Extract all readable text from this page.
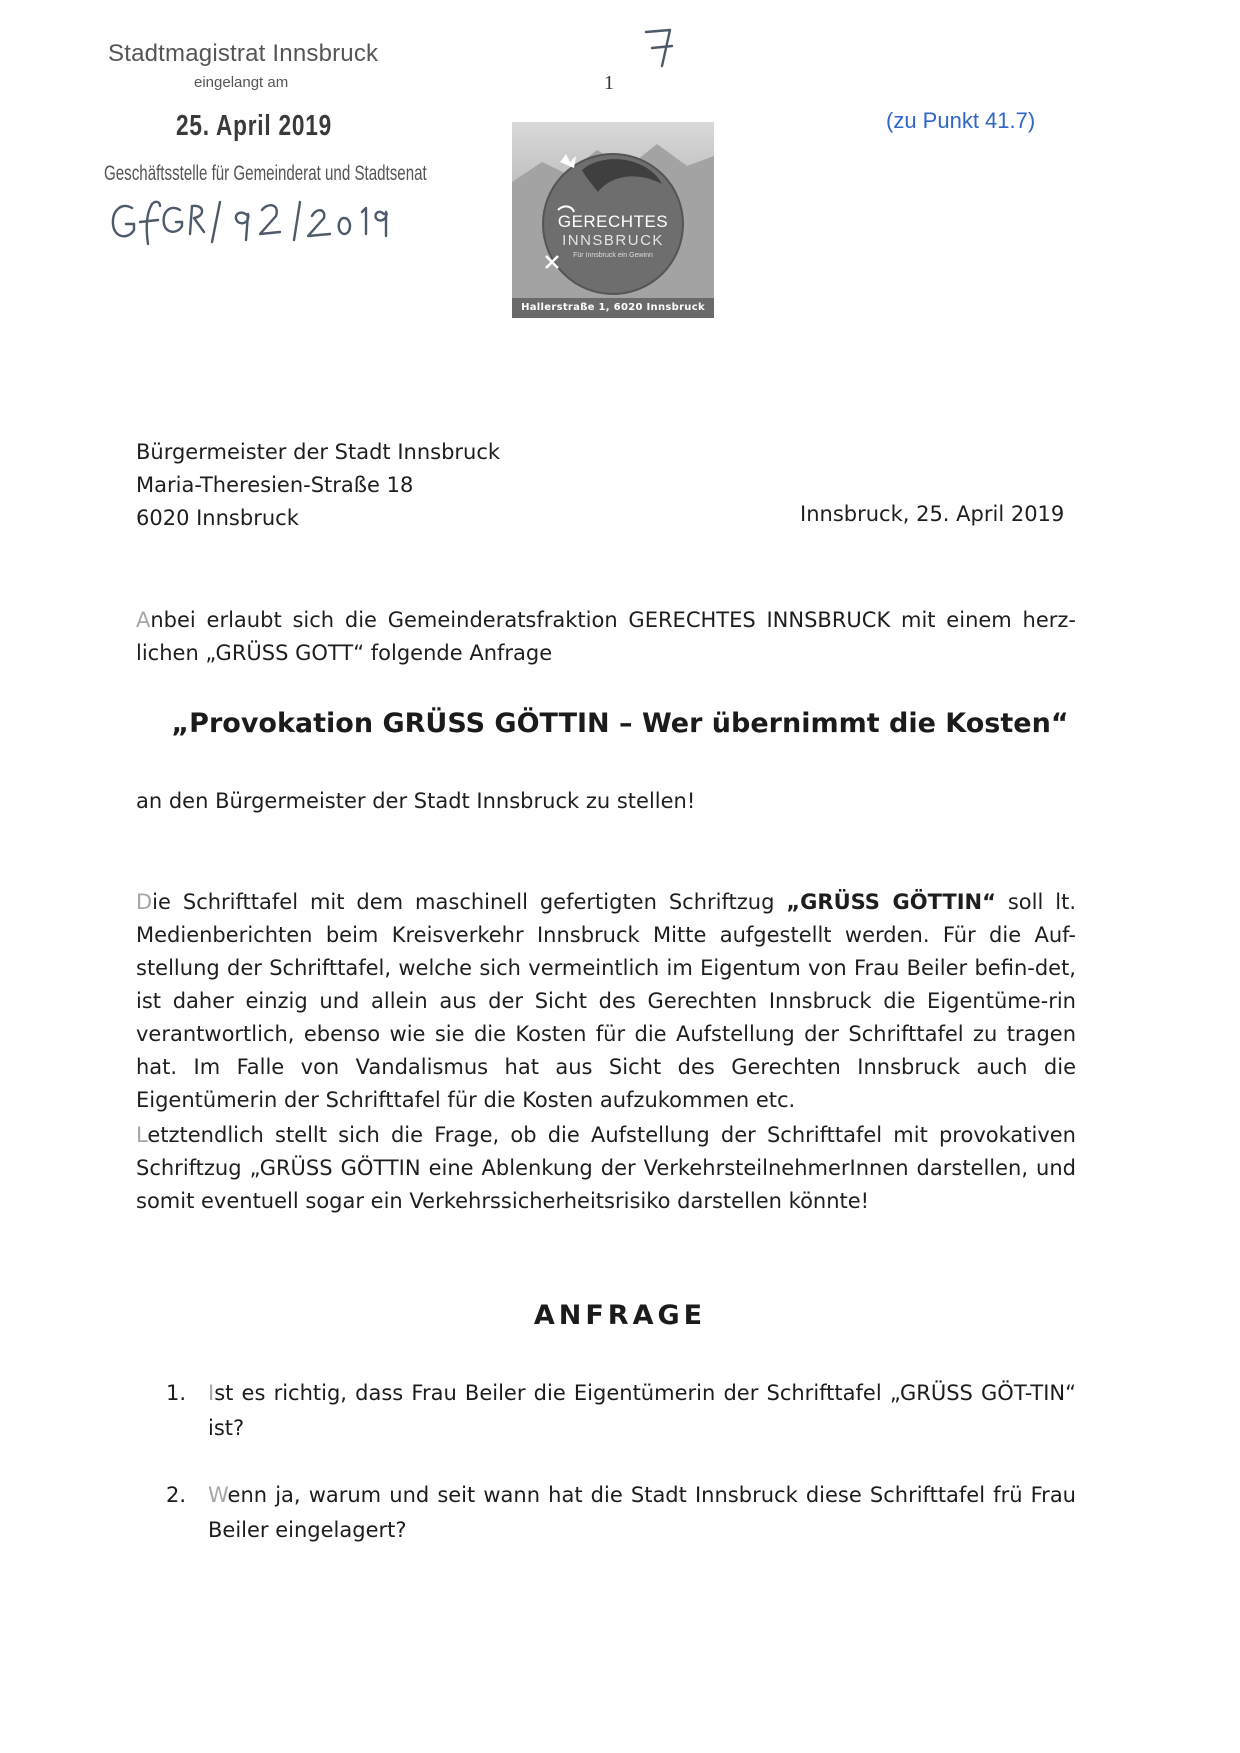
Stadtmagistrat Innsbruck
eingelangt am
25. April 2019
Geschäftsstelle für Gemeinderat und Stadtsenat
1
(zu Punkt 41.7)
GERECHTES
INNSBRUCK
Für Innsbruck ein Gewinn
Hallerstraße 1, 6020 Innsbruck
Bürgermeister der Stadt Innsbruck
Maria-Theresien-Straße 18
6020 Innsbruck	Innsbruck, 25. April 2019

Anbei erlaubt sich die Gemeinderatsfraktion GERECHTES INNSBRUCK mit einem herz-lichen „GRÜSS GOTT“ folgende Anfrage

„Provokation GRÜSS GÖTTIN – Wer übernimmt die Kosten“

an den Bürgermeister der Stadt Innsbruck zu stellen!

Die Schrifttafel mit dem maschinell gefertigten Schriftzug „GRÜSS GÖTTIN“ soll lt. Medienberichten beim Kreisverkehr Innsbruck Mitte aufgestellt werden. Für die Auf-stellung der Schrifttafel, welche sich vermeintlich im Eigentum von Frau Beiler befin-det, ist daher einzig und allein aus der Sicht des Gerechten Innsbruck die Eigentüme-rin verantwortlich, ebenso wie sie die Kosten für die Aufstellung der Schrifttafel zu tragen hat. Im Falle von Vandalismus hat aus Sicht des Gerechten Innsbruck auch die Eigentümerin der Schrifttafel für die Kosten aufzukommen etc.

Letztendlich stellt sich die Frage, ob die Aufstellung der Schrifttafel mit provokativen Schriftzug „GRÜSS GÖTTIN eine Ablenkung der VerkehrsteilnehmerInnen darstellen, und somit eventuell sogar ein Verkehrssicherheitsrisiko darstellen könnte!

ANFRAGE
1. Ist es richtig, dass Frau Beiler die Eigentümerin der Schrifttafel „GRÜSS GÖT-TIN“ ist?
2. Wenn ja, warum und seit wann hat die Stadt Innsbruck diese Schrifttafel frü Frau Beiler eingelagert?
